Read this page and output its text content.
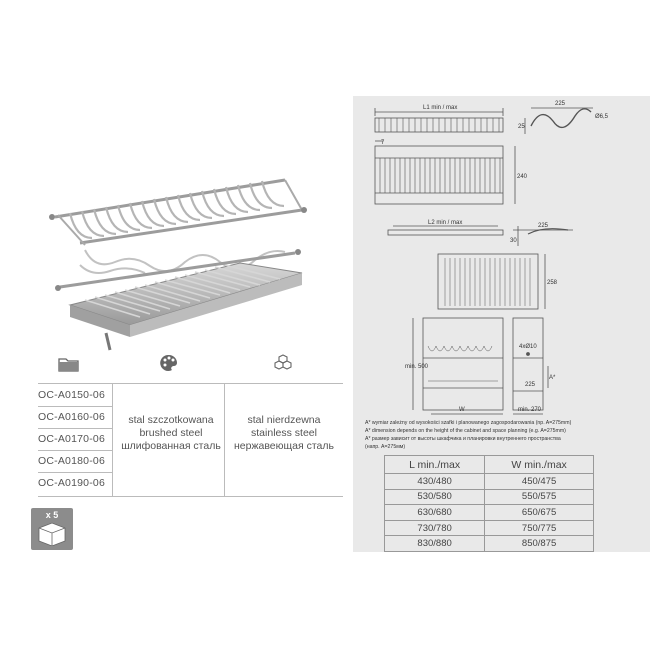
OC-A0150-06
OC-A0160-06
OC-A0170-06
OC-A0180-06
OC-A0190-06
stal szczotkowana
brushed steel
шлифованная сталь
stal nierdzewna
stainless steel
нержавеющая сталь
x 5
L1 min / max
225
Ø6,5
25
7
240
L2 min / max	225
30
258
min. 500
4xØ10
A*
225
W	min. 270
A* wymiar zależny od wysokości szafki i planowanego zagospodarowania (np. A=275mm)
A* dimension depends on the height of the cabinet and space planning (e.g. A=275mm)
A* размер зависит от высоты шкафчика и планировки внутреннего пространства
(напр. A=275мм)
L min./max	W min./max
430/480	450/475
530/580	550/575
630/680	650/675
730/780	750/775
830/880	850/875
